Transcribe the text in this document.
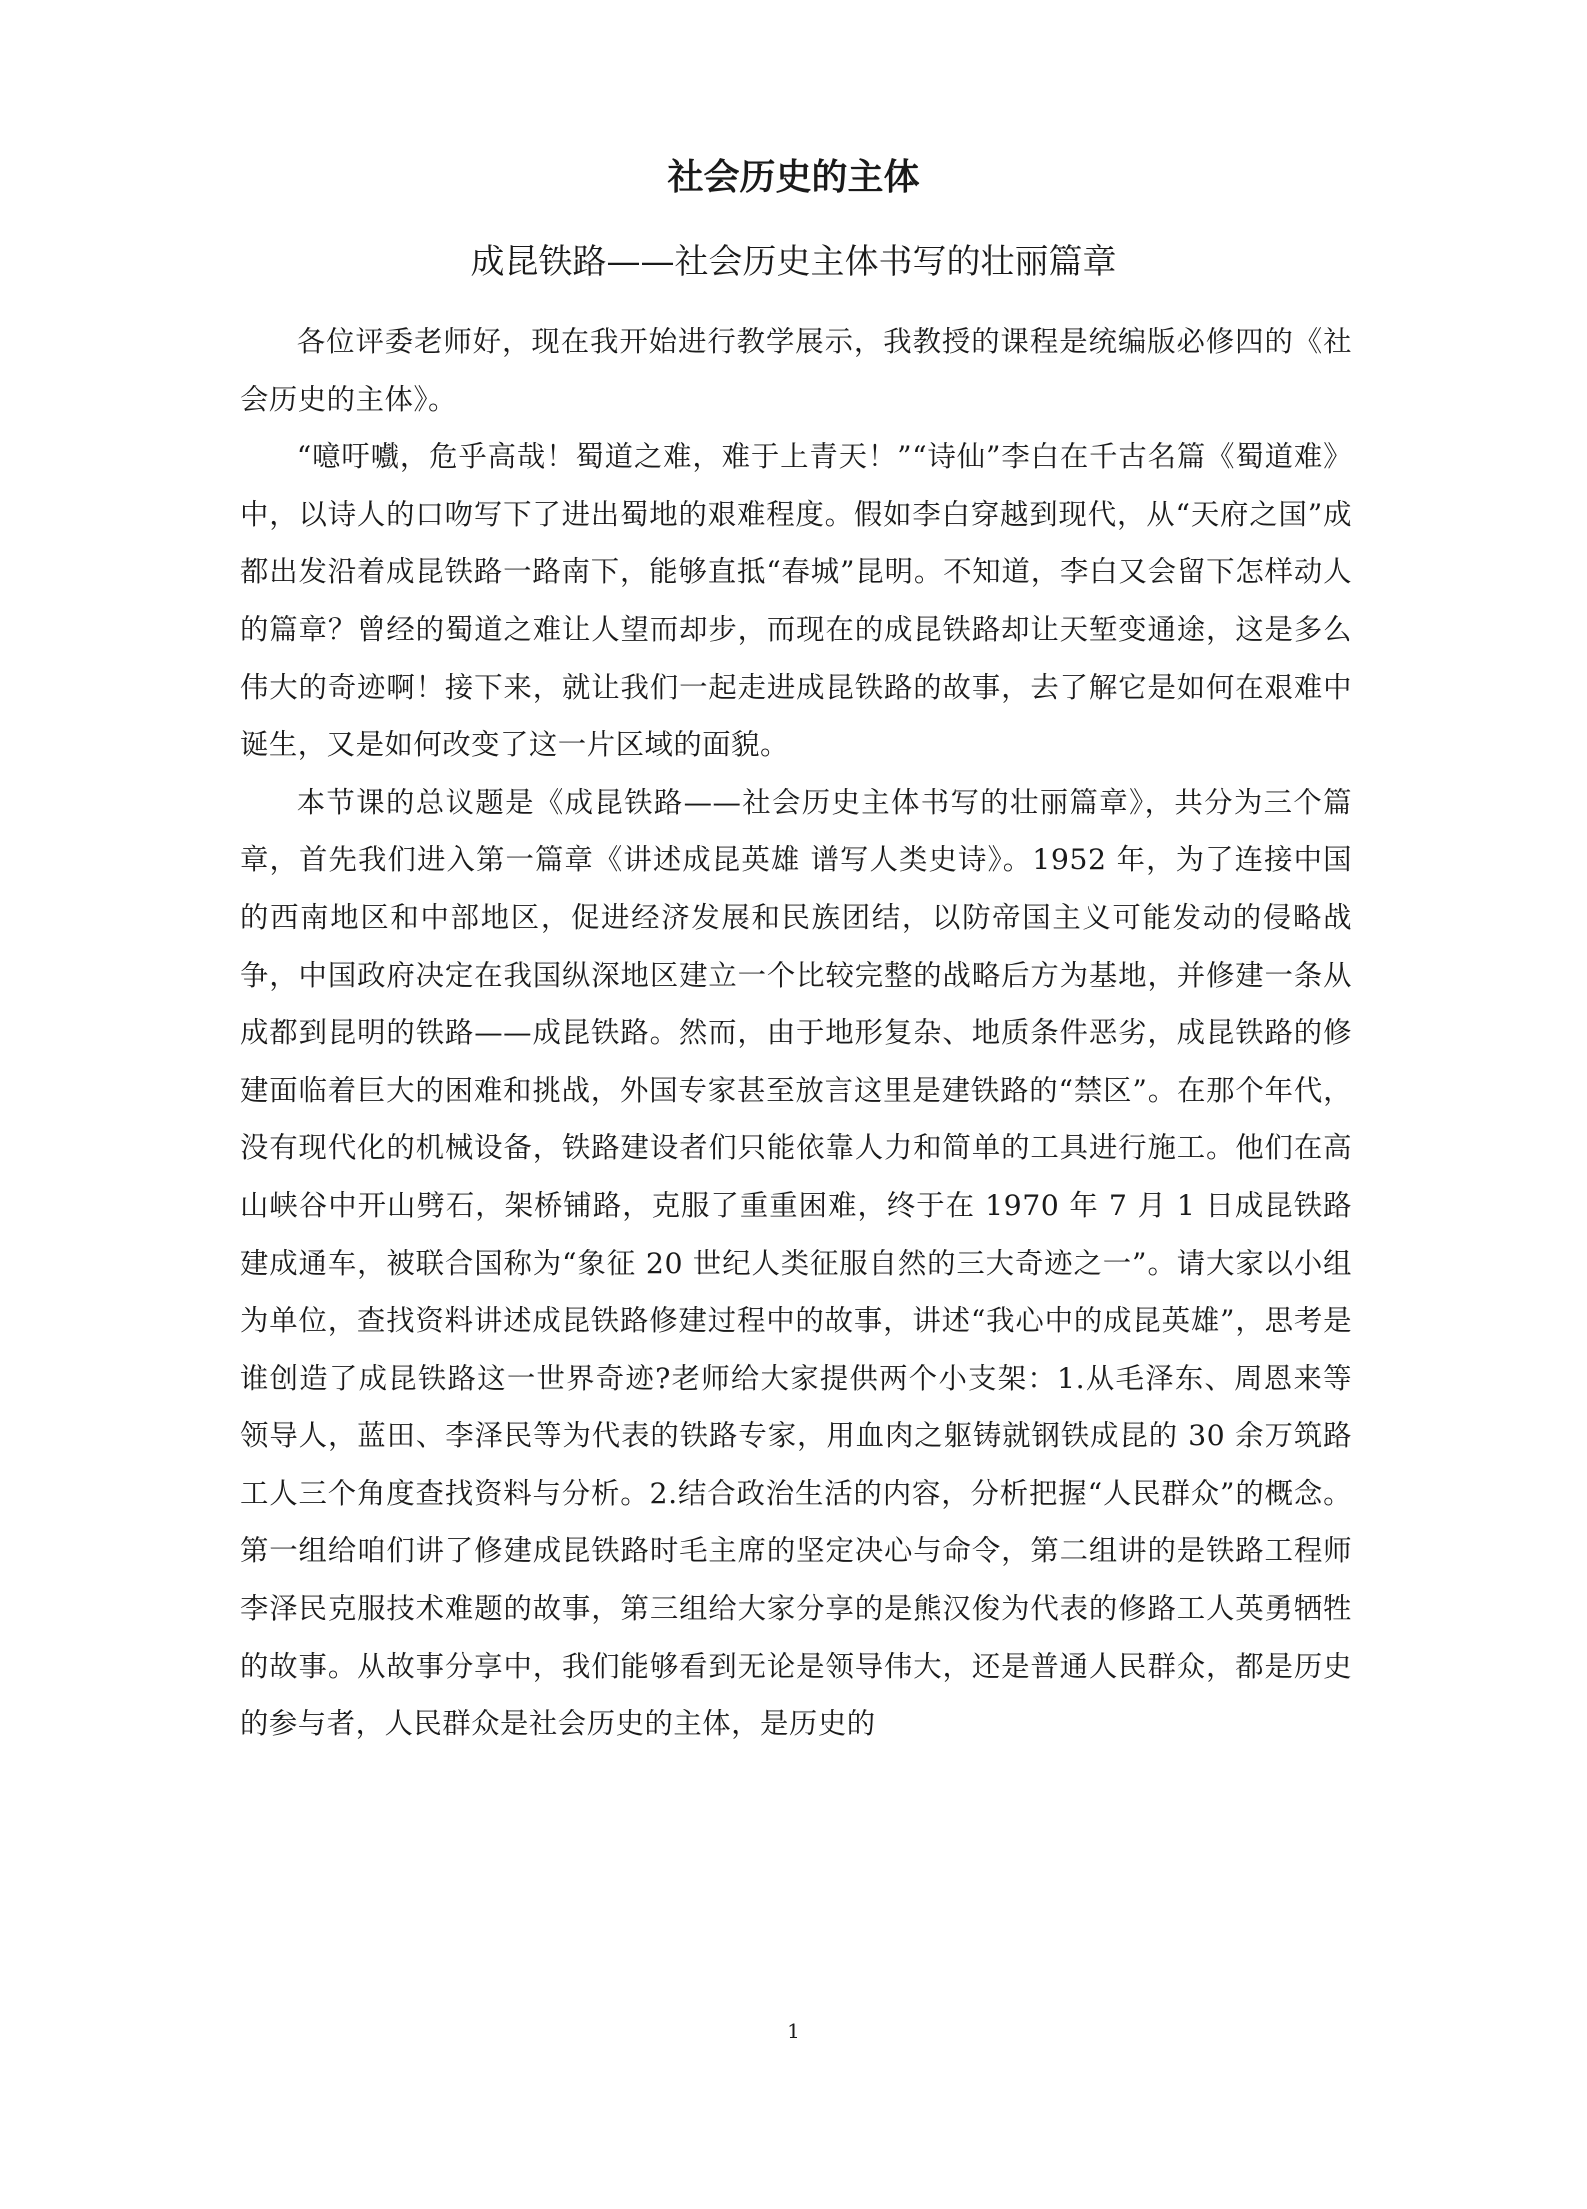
社会历史的主体
成昆铁路——社会历史主体书写的壮丽篇章

各位评委老师好，现在我开始进行教学展示，我教授的课程是统编版必修四的《社会历史的主体》。

“噫吁嚱，危乎高哉！蜀道之难，难于上青天！”“诗仙”李白在千古名篇《蜀道难》中，以诗人的口吻写下了进出蜀地的艰难程度。假如李白穿越到现代，从“天府之国”成都出发沿着成昆铁路一路南下，能够直抵“春城”昆明。不知道，李白又会留下怎样动人的篇章？曾经的蜀道之难让人望而却步，而现在的成昆铁路却让天堑变通途，这是多么伟大的奇迹啊！接下来，就让我们一起走进成昆铁路的故事，去了解它是如何在艰难中诞生，又是如何改变了这一片区域的面貌。

本节课的总议题是《成昆铁路——社会历史主体书写的壮丽篇章》，共分为三个篇章，首先我们进入第一篇章《讲述成昆英雄 谱写人类史诗》。1952 年，为了连接中国的西南地区和中部地区，促进经济发展和民族团结，以防帝国主义可能发动的侵略战争，中国政府决定在我国纵深地区建立一个比较完整的战略后方为基地，并修建一条从成都到昆明的铁路——成昆铁路。然而，由于地形复杂、地质条件恶劣，成昆铁路的修建面临着巨大的困难和挑战，外国专家甚至放言这里是建铁路的“禁区”。在那个年代，没有现代化的机械设备，铁路建设者们只能依靠人力和简单的工具进行施工。他们在高山峡谷中开山劈石，架桥铺路，克服了重重困难，终于在 1970 年 7 月 1 日成昆铁路建成通车，被联合国称为“象征 20 世纪人类征服自然的三大奇迹之一”。请大家以小组为单位，查找资料讲述成昆铁路修建过程中的故事，讲述“我心中的成昆英雄”，思考是谁创造了成昆铁路这一世界奇迹?老师给大家提供两个小支架：1.从毛泽东、周恩来等领导人，蓝田、李泽民等为代表的铁路专家，用血肉之躯铸就钢铁成昆的 30 余万筑路工人三个角度查找资料与分析。2.结合政治生活的内容，分析把握“人民群众”的概念。第一组给咱们讲了修建成昆铁路时毛主席的坚定决心与命令，第二组讲的是铁路工程师李泽民克服技术难题的故事，第三组给大家分享的是熊汉俊为代表的修路工人英勇牺牲的故事。从故事分享中，我们能够看到无论是领导伟大，还是普通人民群众，都是历史的参与者，人民群众是社会历史的主体，是历史的

1
